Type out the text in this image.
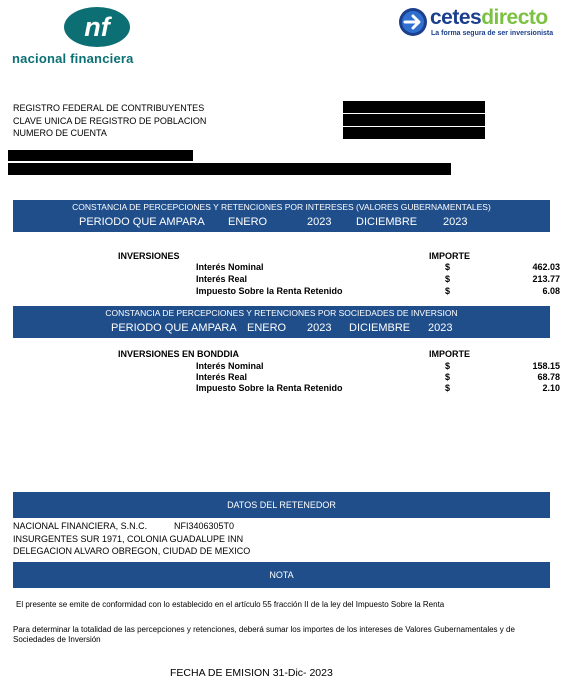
nf
nacional financiera
cetesdirecto
La forma segura de ser inversionista
REGISTRO FEDERAL DE CONTRIBUYENTES
CLAVE UNICA DE REGISTRO DE POBLACION
NUMERO DE CUENTA
CONSTANCIA DE PERCEPCIONES Y RETENCIONES POR INTERESES (VALORES GUBERNAMENTALES)
PERIODO QUE AMPARA ENERO	2023 DICIEMBRE 2023
INVERSIONES	IMPORTE
Interés Nominal	$	462.03
Interés Real	$	213.77
Impuesto Sobre la Renta Retenido	$	6.08
CONSTANCIA DE PERCEPCIONES Y RETENCIONES POR SOCIEDADES DE INVERSION
PERIODO QUE AMPARA ENERO 2023 DICIEMBRE 2023
INVERSIONES EN BONDDIA	IMPORTE
Interés Nominal	$	158.15
Interés Real	$	68.78
Impuesto Sobre la Renta Retenido	$	2.10
DATOS DEL RETENEDOR
NACIONAL FINANCIERA, S.N.C.	NFI3406305T0
INSURGENTES SUR 1971, COLONIA GUADALUPE INN
DELEGACION ALVARO OBREGON, CIUDAD DE MEXICO
NOTA
El presente se emite de conformidad con lo establecido en el artículo 55 fracción II de la ley del Impuesto Sobre la Renta
Para determinar la totalidad de las percepciones y retenciones, deberá sumar los importes de los intereses de Valores Gubernamentales y de Sociedades de Inversión
FECHA DE EMISION 31-Dic- 2023
